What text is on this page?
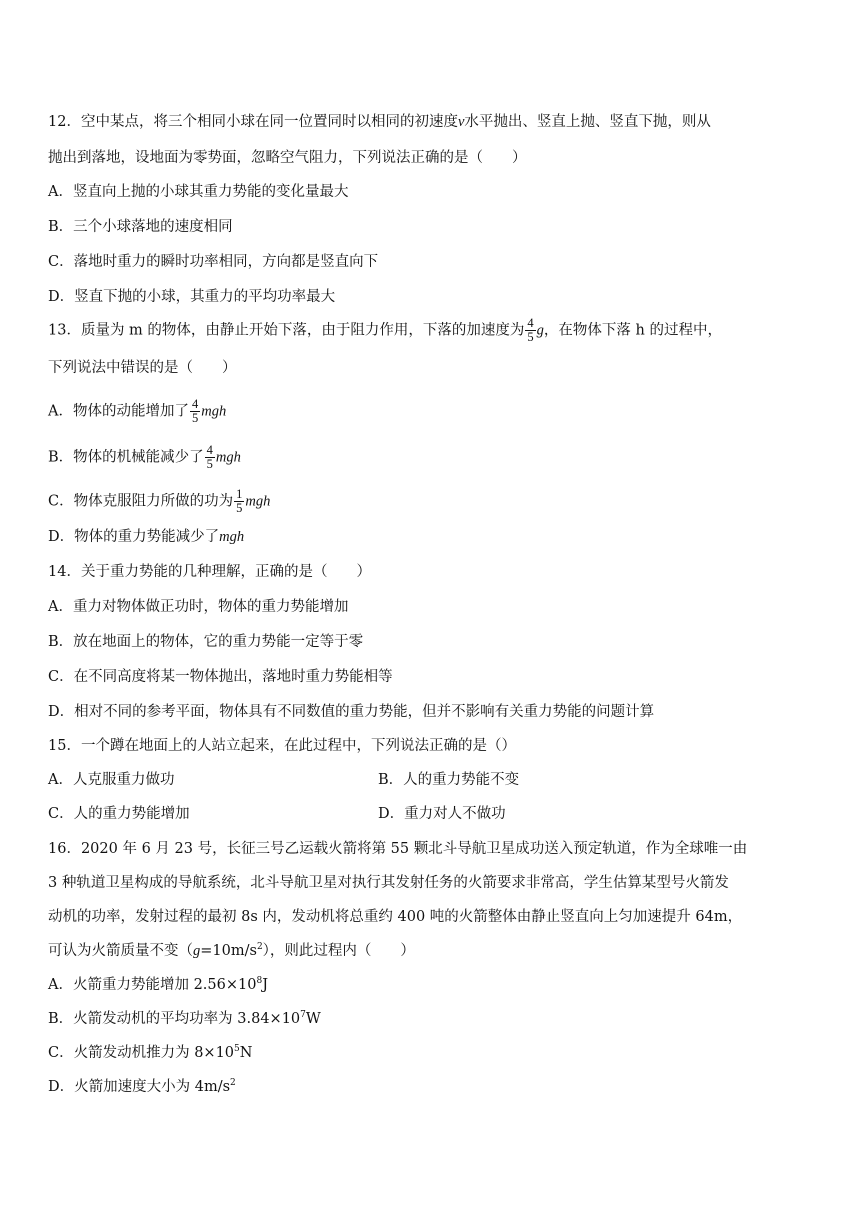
12．空中某点，将三个相同小球在同一位置同时以相同的初速度v水平抛出、竖直上抛、竖直下抛，则从
抛出到落地，设地面为零势面，忽略空气阻力，下列说法正确的是（　　）
A．竖直向上抛的小球其重力势能的变化量最大
B．三个小球落地的速度相同
C．落地时重力的瞬时功率相同，方向都是竖直向下
D．竖直下抛的小球，其重力的平均功率最大
13．质量为 m 的物体，由静止开始下落，由于阻力作用，下落的加速度为 $\frac{4}{5}$ g，在物体下落 h 的过程中，
下列说法中错误的是（　　）
A．物体的动能增加了 $\frac{4}{5}$ mgh
B．物体的机械能减少了 $\frac{4}{5}$ mgh
C．物体克服阻力所做的功为 $\frac{1}{5}$ mgh
D．物体的重力势能减少了mgh
14．关于重力势能的几种理解，正确的是（　　）
A．重力对物体做正功时，物体的重力势能增加
B．放在地面上的物体，它的重力势能一定等于零
C．在不同高度将某一物体抛出，落地时重力势能相等
D．相对不同的参考平面，物体具有不同数值的重力势能，但并不影响有关重力势能的问题计算
15．一个蹲在地面上的人站立起来，在此过程中，下列说法正确的是（）
A．人克服重力做功	B．人的重力势能不变
C．人的重力势能增加	D．重力对人不做功
16．2020 年 6 月 23 号，长征三号乙运载火箭将第 55 颗北斗导航卫星成功送入预定轨道，作为全球唯一由
3 种轨道卫星构成的导航系统，北斗导航卫星对执行其发射任务的火箭要求非常高，学生估算某型号火箭发
动机的功率，发射过程的最初 8s 内，发动机将总重约 400 吨的火箭整体由静止竖直向上匀加速提升 64m，
可认为火箭质量不变$(g=10m/s^2)$，则此过程内（　　）
A．火箭重力势能增加 $2.56\times 10^8J$
B．火箭发动机的平均功率为 $3.84\times 10^7W$
C．火箭发动机推力为 $8\times 10^5N$
D．火箭加速度大小为 $4m/s^2$
